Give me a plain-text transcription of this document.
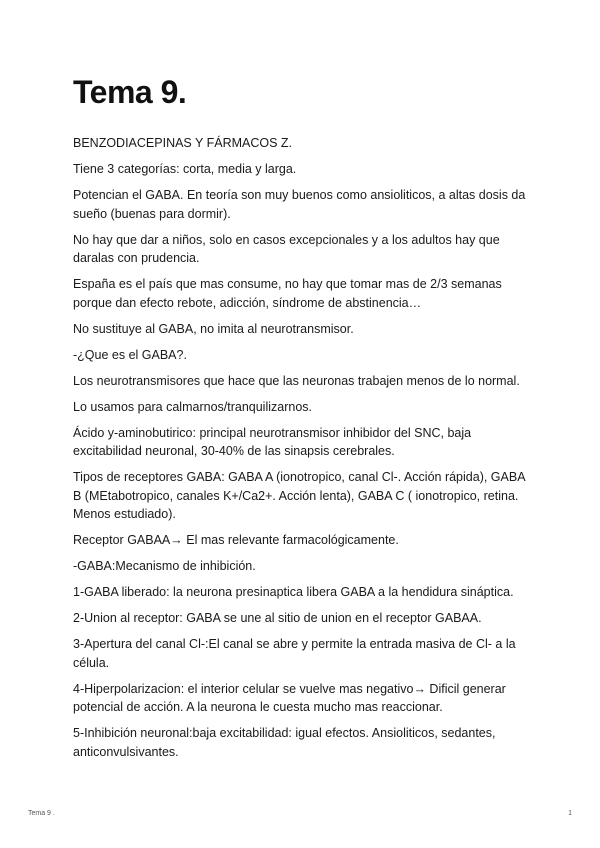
Tema 9.

BENZODIACEPINAS Y FÁRMACOS Z.

Tiene 3 categorías: corta, media y larga.

Potencian el GABA. En teoría son muy buenos como ansioliticos, a altas dosis da sueño (buenas para dormir).

No hay que dar a niños, solo en casos excepcionales y a los adultos hay que daralas con prudencia.

España es el país que mas consume, no hay que tomar mas de 2/3 semanas porque dan efecto rebote, adicción, síndrome de abstinencia…

No sustituye al GABA, no imita al neurotransmisor.

-¿Que es el GABA?.

Los neurotransmisores que hace que las neuronas trabajen menos de lo normal.

Lo usamos para calmarnos/tranquilizarnos.

Ácido y-aminobutirico: principal neurotransmisor inhibidor del SNC, baja excitabilidad neuronal, 30-40% de las sinapsis cerebrales.

Tipos de receptores GABA: GABA A (ionotropico, canal Cl-. Acción rápida), GABA B (MEtabotropico, canales K+/Ca2+. Acción lenta), GABA C ( ionotropico, retina. Menos estudiado).

Receptor GABAA→ El mas relevante farmacológicamente.

-GABA:Mecanismo de inhibición.

1-GABA liberado: la neurona presinaptica libera GABA a la hendidura sináptica.

2-Union al receptor: GABA se une al sitio de union en el receptor GABAA.

3-Apertura del canal Cl-:El canal se abre y permite la entrada masiva de Cl- a la célula.

4-Hiperpolarizacion: el interior celular se vuelve mas negativo→ Dificil generar potencial de acción. A la neurona le cuesta mucho mas reaccionar.

5-Inhibición neuronal:baja excitabilidad: igual efectos. Ansioliticos, sedantes, anticonvulsivantes.

Tema 9 .	1
